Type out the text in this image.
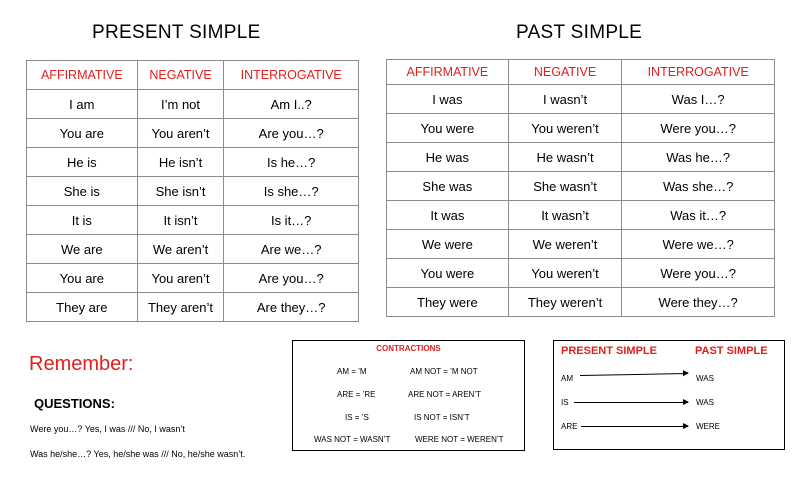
PRESENT SIMPLE	PAST SIMPLE
AFFIRMATIVE	NEGATIVE	INTERROGATIVE
I am	I’m not	Am I..?
You are	You aren’t	Are you…?
He is	He isn’t	Is he…?
She is	She isn’t	Is she…?
It is	It isn’t	Is it…?
We are	We aren’t	Are we…?
You are	You aren’t	Are you…?
They are	They aren’t	Are they…?
AFFIRMATIVE	NEGATIVE	INTERROGATIVE
I was	I wasn’t	Was I…?
You were	You weren’t	Were you…?
He was	He wasn’t	Was he…?
She was	She wasn’t	Was she…?
It was	It wasn’t	Was it…?
We were	We weren’t	Were we…?
You were	You weren’t	Were you…?
They were	They weren’t	Were they…?
Remember:
QUESTIONS:
Were you…? Yes, I was /// No, I wasn’t
Was he/she…? Yes, he/she was /// No, he/she wasn’t.
CONTRACTIONS
AM = ’M	AM NOT = ’M NOT
ARE = ’RE	ARE NOT = AREN’T
IS = ’S	IS NOT = ISN’T
WAS NOT = WASN’T	WERE NOT = WEREN’T
PRESENT SIMPLE	PAST SIMPLE
AM	WAS
IS	WAS
ARE	WERE
